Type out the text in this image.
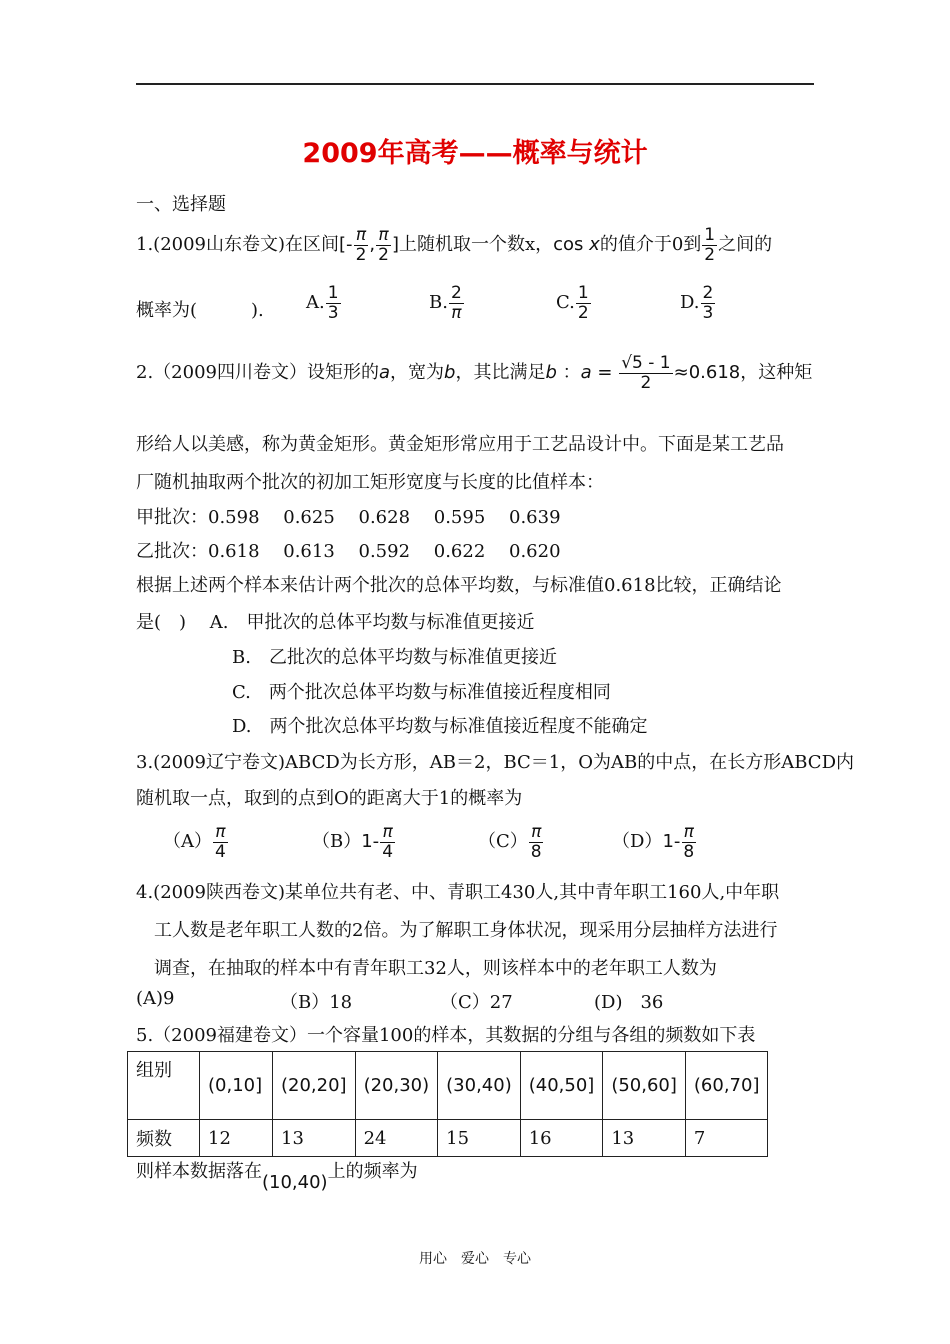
2009年高考——概率与统计
一、选择题
1.(2009山东卷文)在区间[- $\frac{\pi}{2}$ , $\frac{\pi}{2}$ ]上随机取一个数x，cos x的值介于0到 $\frac{1}{2}$ 之间的
概率为(　　　). A. $\frac{1}{3}$	B. $\frac{2}{\pi}$	C. $\frac{1}{2}$	D. $\frac{2}{3}$
2.（2009四川卷文）设矩形的a，宽为b，其比满足b ：$a = \frac{√5 - 1}{2} \approx 0.618$，这种矩
形给人以美感，称为黄金矩形。黄金矩形常应用于工艺品设计中。下面是某工艺品
厂随机抽取两个批次的初加工矩形宽度与长度的比值样本：
甲批次：0.598　 0.625　 0.628　 0.595　 0.639
乙批次：0.618　 0.613　 0.592　 0.622　 0.620
根据上述两个样本来估计两个批次的总体平均数，与标准值0.618比较，正确结论
是(　)　 A.　甲批次的总体平均数与标准值更接近
B.　乙批次的总体平均数与标准值更接近
C.　两个批次总体平均数与标准值接近程度相同
D.　两个批次总体平均数与标准值接近程度不能确定
3.(2009辽宁卷文)ABCD为长方形，AB＝2，BC＝1，O为AB的中点，在长方形ABCD内
随机取一点，取到的点到O的距离大于1的概率为
$(A) \frac{\pi}{4}$	$(B)1- \frac{\pi}{4}$	$(C) \frac{\pi}{8}$	$(D)1- \frac{\pi}{8}$
4.(2009陕西卷文)某单位共有老、中、青职工430人,其中青年职工160人,中年职
工人数是老年职工人数的2倍。为了解职工身体状况，现采用分层抽样方法进行
调查，在抽取的样本中有青年职工32人，则该样本中的老年职工人数为
(A)9	（B）18	（C）27	(D)　36
5.（2009福建卷文）一个容量100的样本，其数据的分组与各组的频数如下表
组别	(0,10]	(20,20]	(20,30)	(30,40)	(40,50]	(50,60]	(60,70]
频数	12	13	24	15	16	13	7
则样本数据落在(10,40)上的频率为
用心　爱心　专心
